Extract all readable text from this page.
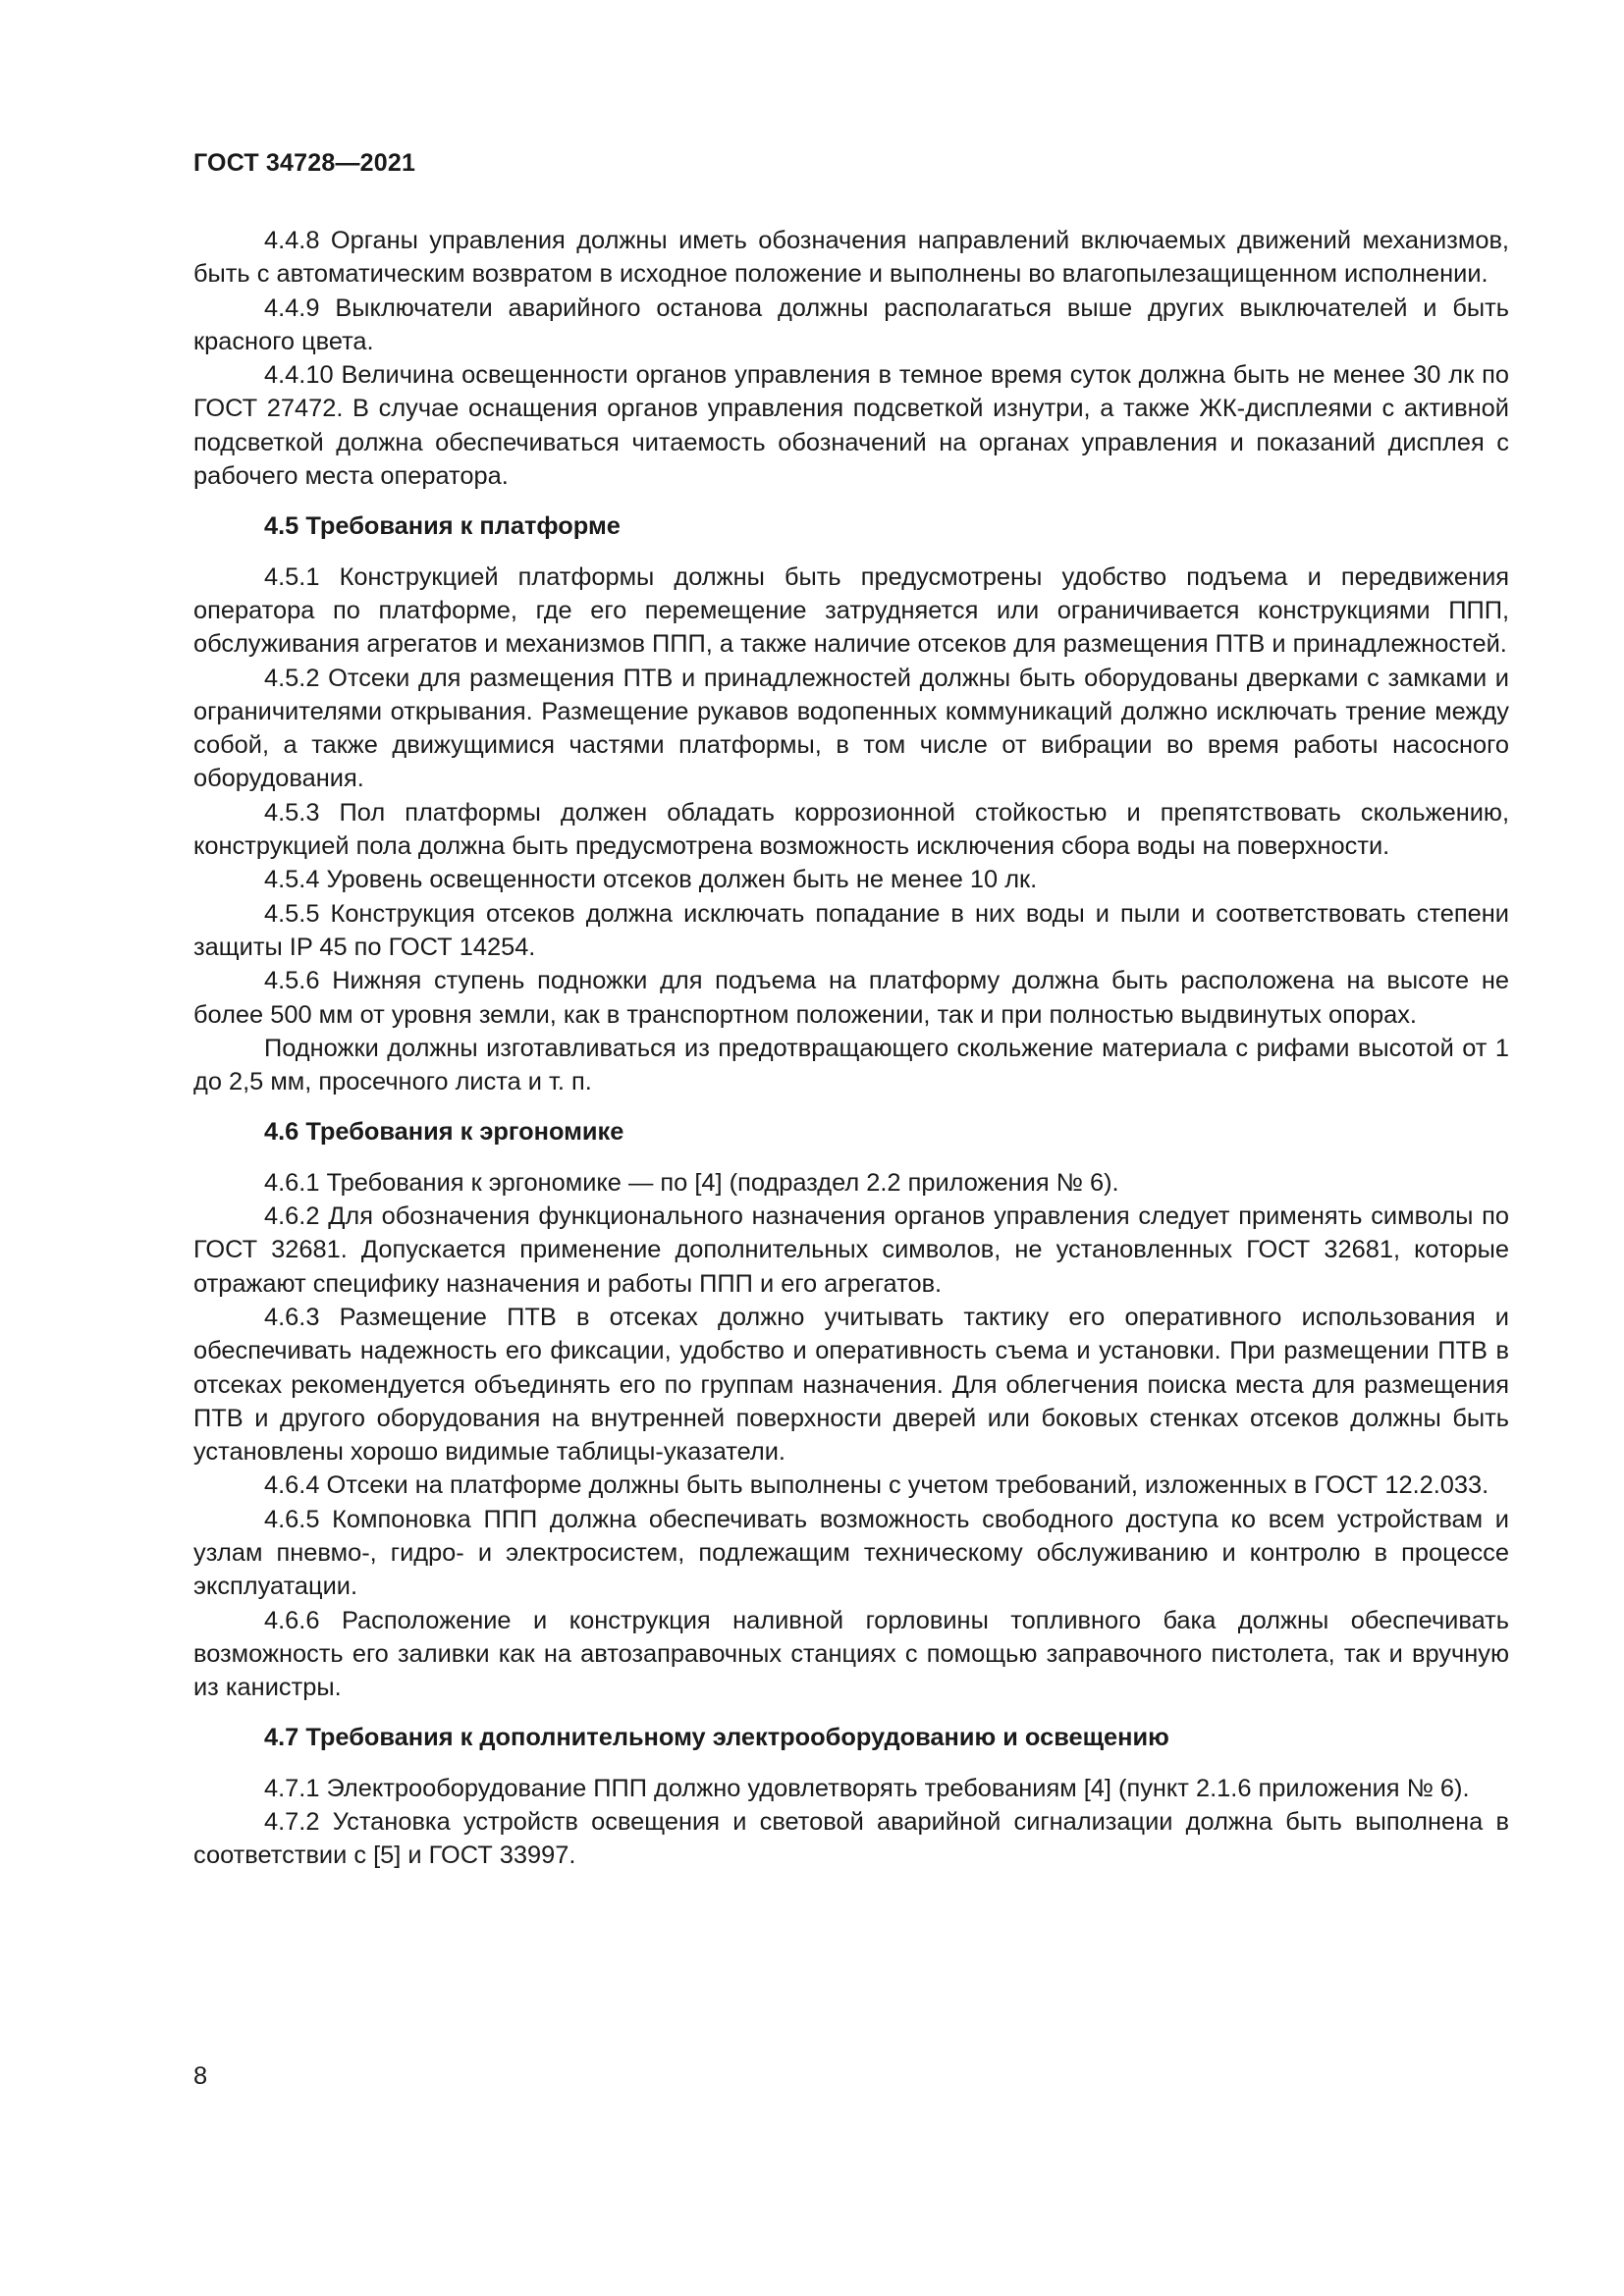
ГОСТ 34728—2021

4.4.8 Органы управления должны иметь обозначения направлений включаемых движений механизмов, быть с автоматическим возвратом в исходное положение и выполнены во влагопылезащищенном исполнении.

4.4.9 Выключатели аварийного останова должны располагаться выше других выключателей и быть красного цвета.

4.4.10 Величина освещенности органов управления в темное время суток должна быть не менее 30 лк по ГОСТ 27472. В случае оснащения органов управления подсветкой изнутри, а также ЖК-дисплеями с активной подсветкой должна обеспечиваться читаемость обозначений на органах управления и показаний дисплея с рабочего места оператора.

4.5 Требования к платформе

4.5.1 Конструкцией платформы должны быть предусмотрены удобство подъема и передвижения оператора по платформе, где его перемещение затрудняется или ограничивается конструкциями ППП, обслуживания агрегатов и механизмов ППП, а также наличие отсеков для размещения ПТВ и принадлежностей.

4.5.2 Отсеки для размещения ПТВ и принадлежностей должны быть оборудованы дверками с замками и ограничителями открывания. Размещение рукавов водопенных коммуникаций должно исключать трение между собой, а также движущимися частями платформы, в том числе от вибрации во время работы насосного оборудования.

4.5.3 Пол платформы должен обладать коррозионной стойкостью и препятствовать скольжению, конструкцией пола должна быть предусмотрена возможность исключения сбора воды на поверхности.

4.5.4 Уровень освещенности отсеков должен быть не менее 10 лк.

4.5.5 Конструкция отсеков должна исключать попадание в них воды и пыли и соответствовать степени защиты IP 45 по ГОСТ 14254.

4.5.6 Нижняя ступень подножки для подъема на платформу должна быть расположена на высоте не более 500 мм от уровня земли, как в транспортном положении, так и при полностью выдвинутых опорах.

Подножки должны изготавливаться из предотвращающего скольжение материала с рифами высотой от 1 до 2,5 мм, просечного листа и т. п.

4.6 Требования к эргономике

4.6.1 Требования к эргономике — по [4] (подраздел 2.2 приложения № 6).

4.6.2 Для обозначения функционального назначения органов управления следует применять символы по ГОСТ 32681. Допускается применение дополнительных символов, не установленных ГОСТ 32681, которые отражают специфику назначения и работы ППП и его агрегатов.

4.6.3 Размещение ПТВ в отсеках должно учитывать тактику его оперативного использования и обеспечивать надежность его фиксации, удобство и оперативность съема и установки. При размещении ПТВ в отсеках рекомендуется объединять его по группам назначения. Для облегчения поиска места для размещения ПТВ и другого оборудования на внутренней поверхности дверей или боковых стенках отсеков должны быть установлены хорошо видимые таблицы-указатели.

4.6.4 Отсеки на платформе должны быть выполнены с учетом требований, изложенных в ГОСТ 12.2.033.

4.6.5 Компоновка ППП должна обеспечивать возможность свободного доступа ко всем устройствам и узлам пневмо-, гидро- и электросистем, подлежащим техническому обслуживанию и контролю в процессе эксплуатации.

4.6.6 Расположение и конструкция наливной горловины топливного бака должны обеспечивать возможность его заливки как на автозаправочных станциях с помощью заправочного пистолета, так и вручную из канистры.

4.7 Требования к дополнительному электрооборудованию и освещению

4.7.1 Электрооборудование ППП должно удовлетворять требованиям [4] (пункт 2.1.6 приложения № 6).

4.7.2 Установка устройств освещения и световой аварийной сигнализации должна быть выполнена в соответствии с [5] и ГОСТ 33997.

8
